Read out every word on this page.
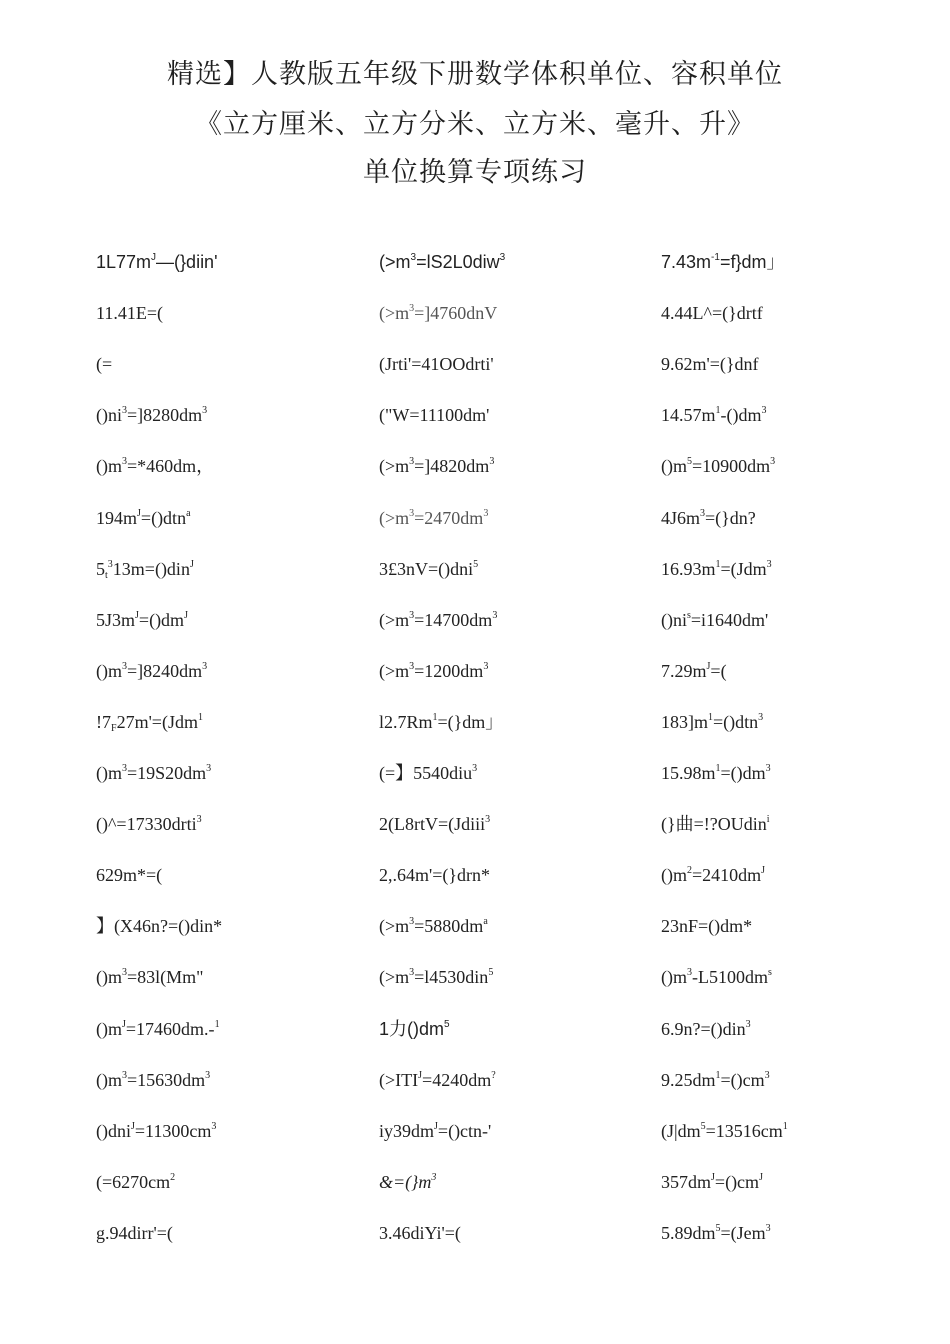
精选】人教版五年级下册数学体积单位、容积单位
《立方厘米、立方分米、立方米、毫升、升》
单位换算专项练习
$1L77m^J—(\}diin'$	($>m^3=lS2L0diw^3$	$7.43m^{-1}=f\}dm$」
11.41E=(	$(>m^3=]4760dnV$	4.44L^=(}drtf
(=	(Jrti'=41OOdrti'	9.62m'=(}dnf
$()ni^3=]8280dm^3$	("W=11100dm'	$14.57m^1-()dm^3$
$()m^3=*460dm$，	$(>m^3=]4820dm^3$	$()m^5=10900dm^3$
$194m^J=()dtn^a$	($>m^3=2470dm^3$	$4J6m^3=(\}dn$?
$5_t^313m=()din^J$	3£3nV=()dni$^5$	$16.93m^1=(Jdm^3$
$5J3m^J=()dm^J$	($>m^3=14700dm^3$	$()ni^s=i1640dm'$
$()m^3=]8240dm^3$	($>m^3=1200dm^3$	$7.29m^J=$(
$!7_F27m'=(Jdm^1$	$l2.7Rm^1=(\}dm$」	$183]m^1=()dtn^3$
$()m^3=19S20dm^3$	(=】5540diu$^3$	$15.98m^1=()dm^3$
()^=17330drti$^3$	2(L8rtV=(Jdiii$^3$	(}曲=!?OUdin$^i$
629m*=(	2,.64m'=(}drn*	$()m^2=2410dm^J$
】(X46n?=()din*	($>m^3=5880dm^a$	23nF=()dm*
$()m^3=83l(Mm$"	($>m^3=l4530din^5$	$()m^3-L5100dm^s$
$()m^J=17460dm.-^1$	1力$()dm^5$	6.9n?=()din$^3$
$()m^3=15630dm^3$	($>ITI^J=4240dm^?$	$9.25dm^1=()cm^3$
$()dni^J=11300cm^3$	$iy39dm^J=()ctn-'$	($J|dm^5=13516cm^1$
($=6270cm^2$	$\&=(\}m^3$	$357dm^J=()cm^J$
g.94dirr'=(	3.46diYi'=(	$5.89dm^5=(Jem^3$
